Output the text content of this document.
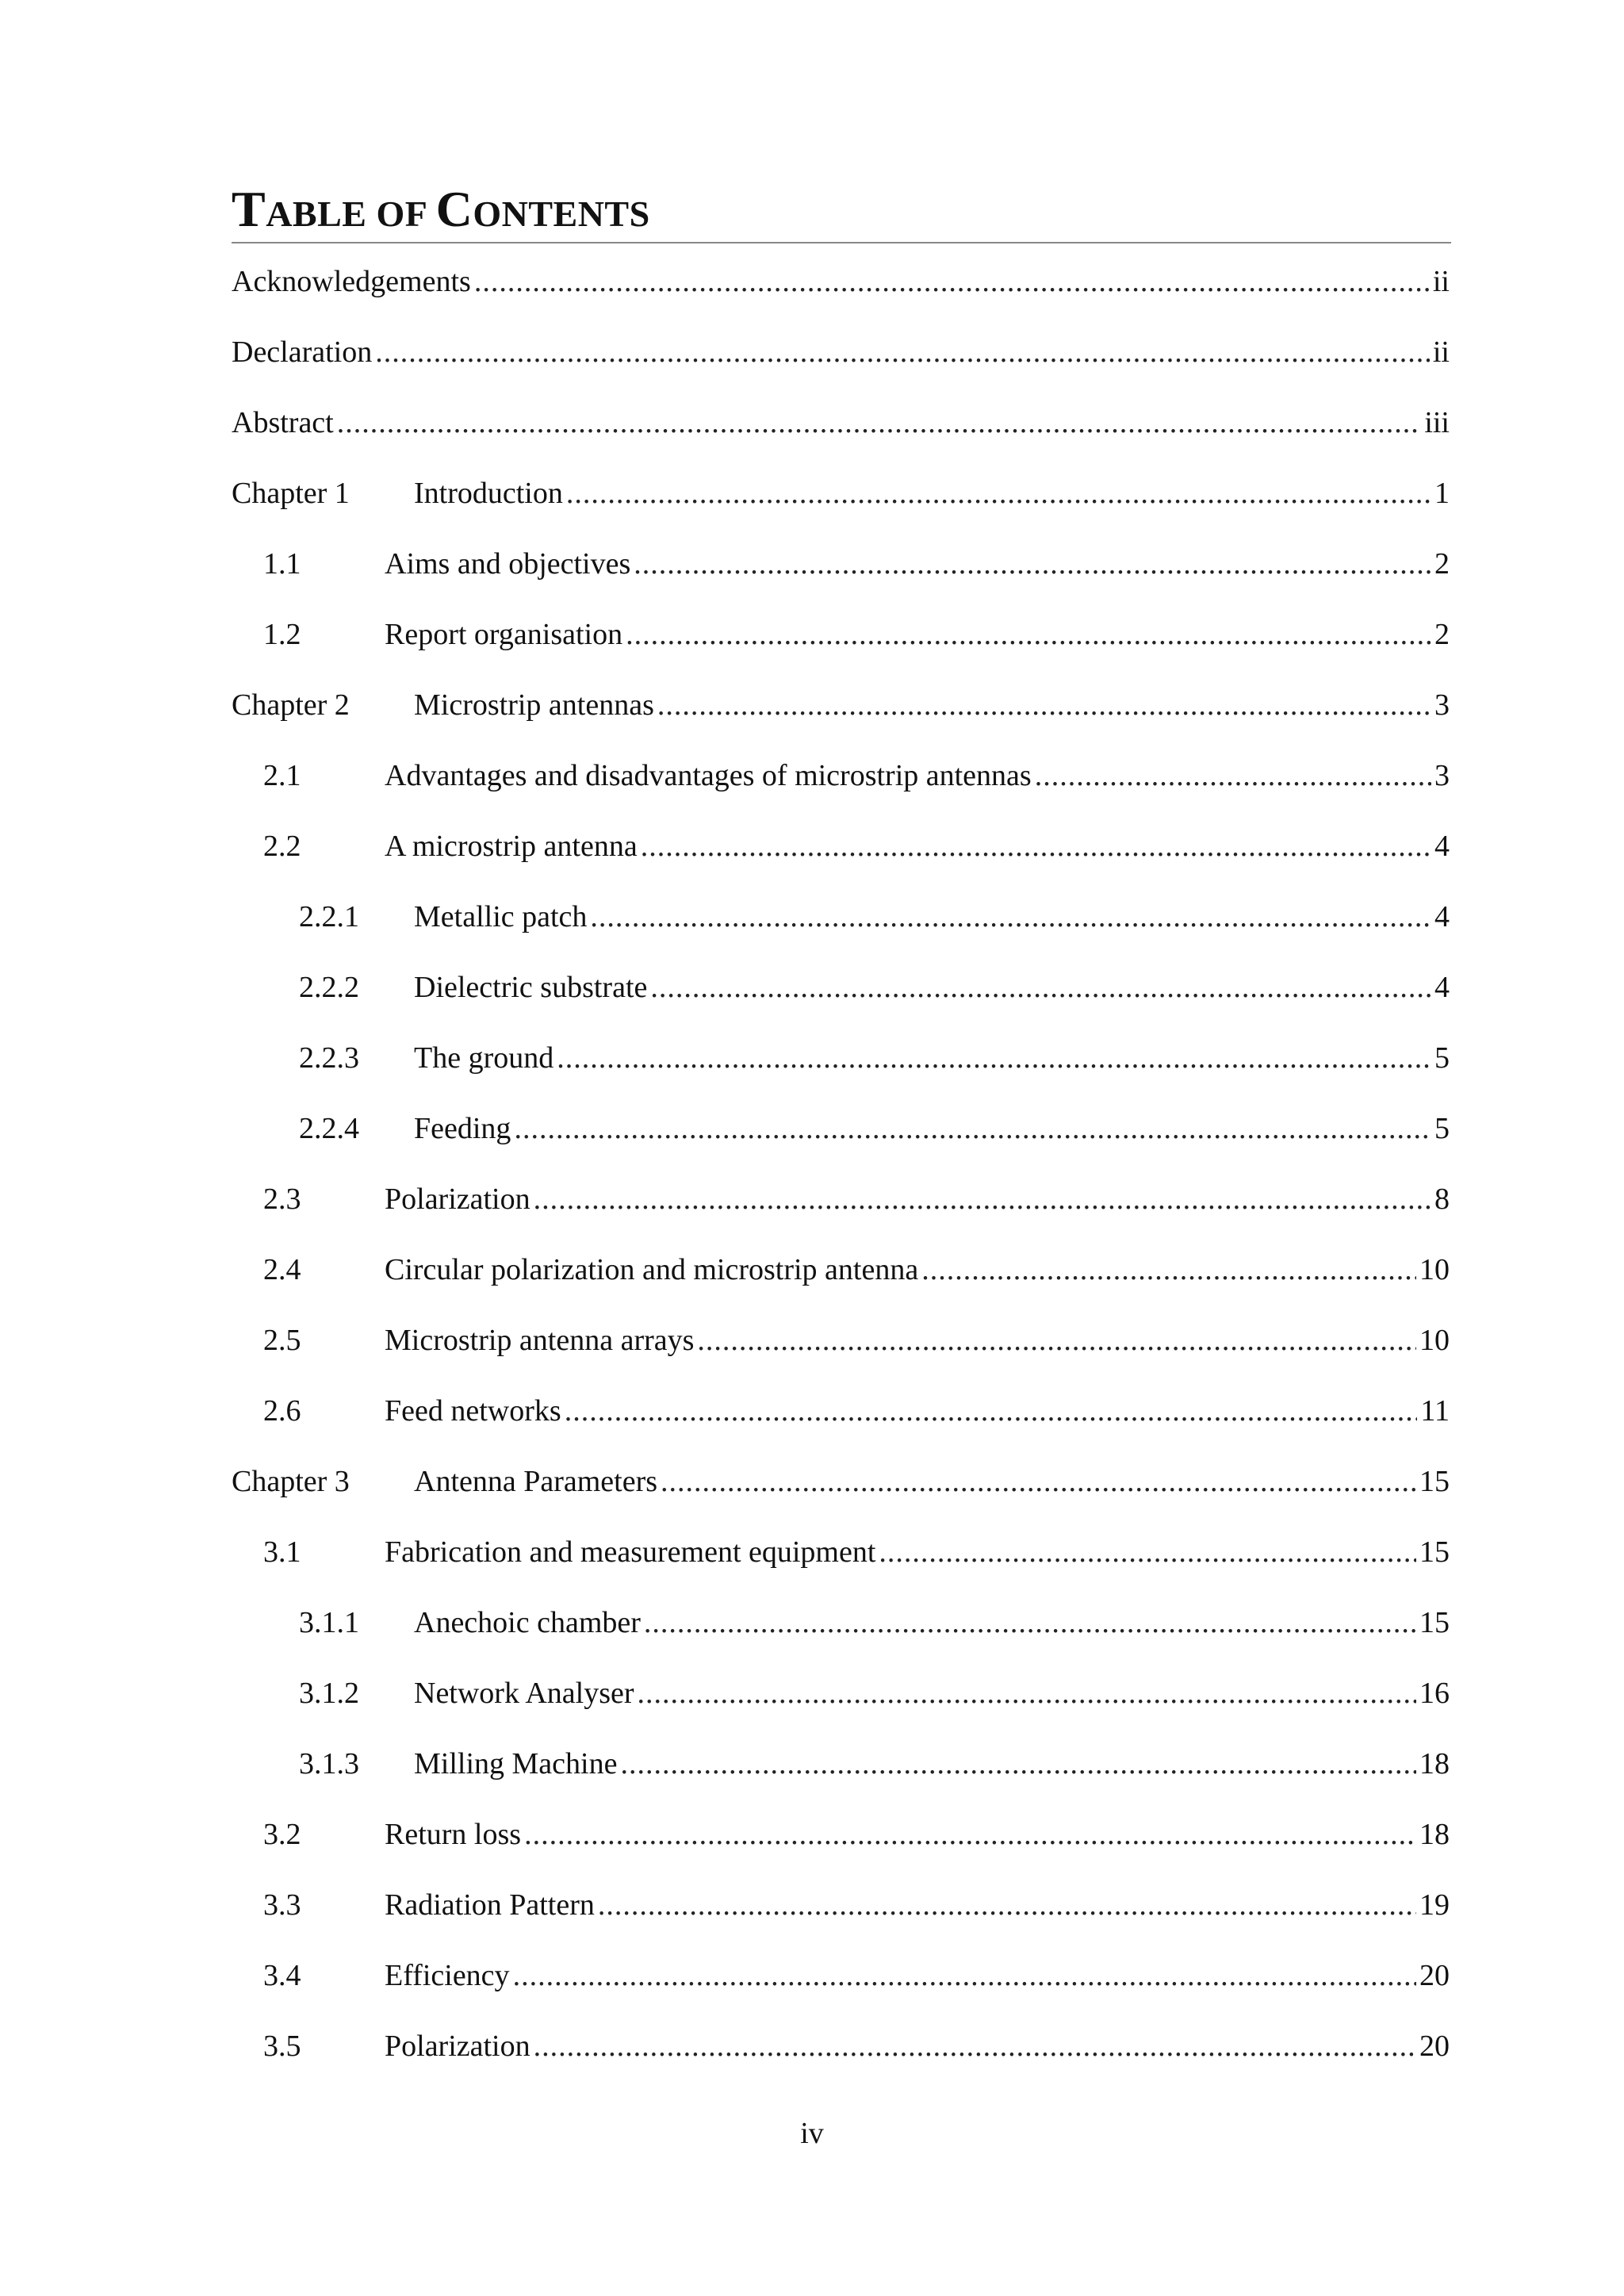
TABLE OF CONTENTS
Acknowledgements .....	ii
Declaration .....	ii
Abstract .....	iii
Chapter 1	Introduction .....	1
1.1	Aims and objectives .....	2
1.2	Report organisation .....	2
Chapter 2	Microstrip antennas .....	3
2.1	Advantages and disadvantages of microstrip antennas .....	3
2.2	A microstrip antenna .....	4
2.2.1	Metallic patch .....	4
2.2.2	Dielectric substrate .....	4
2.2.3	The ground .....	5
2.2.4	Feeding .....	5
2.3	Polarization .....	8
2.4	Circular polarization and microstrip antenna .....	10
2.5	Microstrip antenna arrays .....	10
2.6	Feed networks .....	11
Chapter 3	Antenna Parameters .....	15
3.1	Fabrication and measurement equipment .....	15
3.1.1	Anechoic chamber .....	15
3.1.2	Network Analyser .....	16
3.1.3	Milling Machine .....	18
3.2	Return loss .....	18
3.3	Radiation Pattern .....	19
3.4	Efficiency .....	20
3.5	Polarization .....	20
iv
